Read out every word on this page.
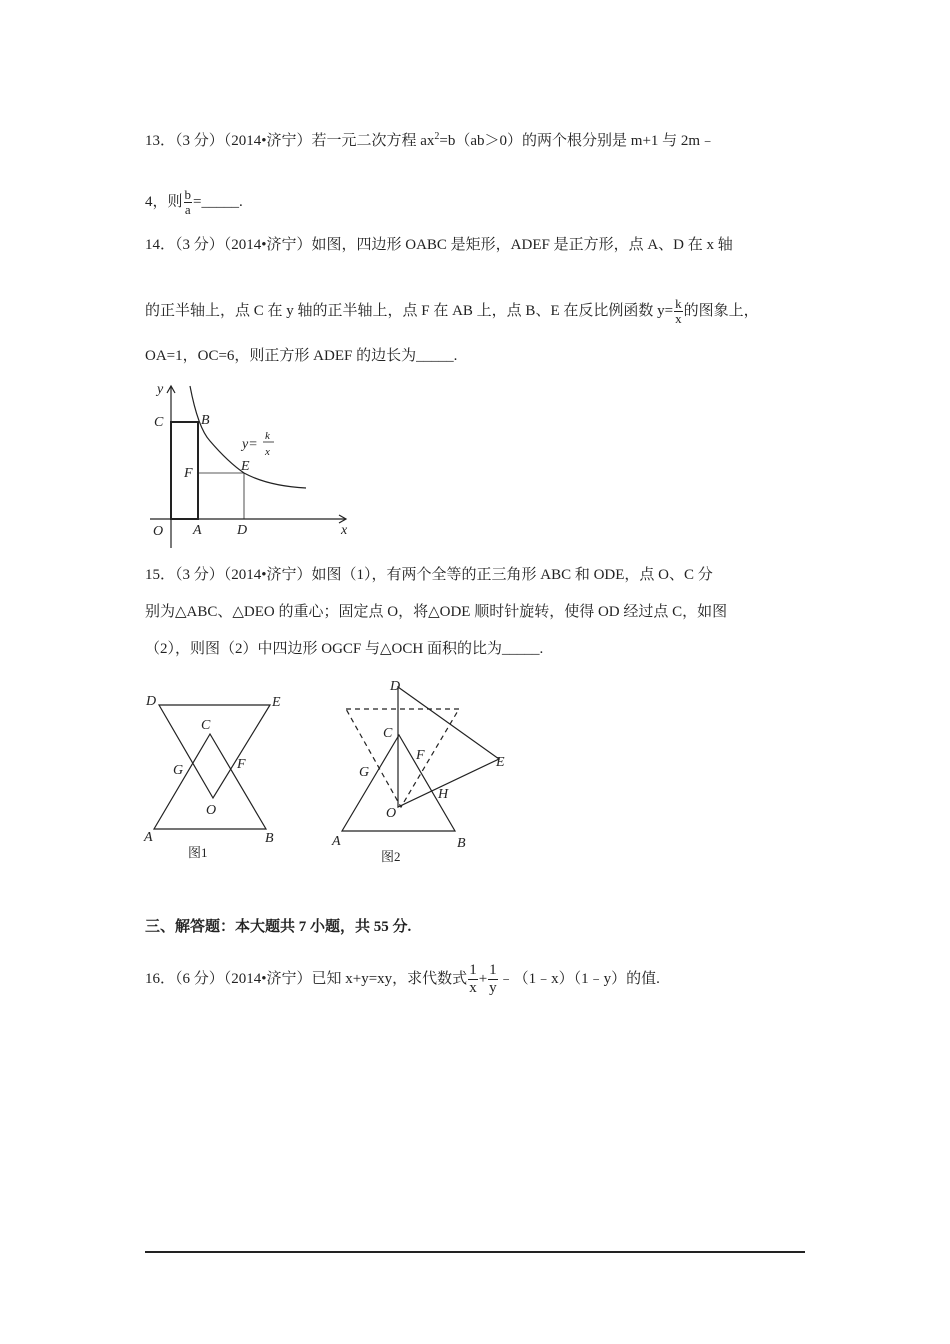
13．（3 分）（2014•济宁）若一元二次方程 $ax^2=b(ab>0)$的两个根分别是 m+1 与 2m﹣
4，则 $\frac{b}{a}$ =_____.
14．（3 分）（2014•济宁）如图，四边形 OABC 是矩形，ADEF 是正方形，点 A、D 在 x 轴
的正半轴上，点 C 在 y 轴的正半轴上，点 F 在 AB 上，点 B、E 在反比例函数 $y= \frac{k}{x}$ 的图象上，
OA=1，OC=6，则正方形 ADEF 的边长为_____.
y
C	B
F	E
y=
k
x
O A	D	x
15．（3 分）（2014•济宁）如图（1），有两个全等的正三角形 ABC 和 ODE，点 O、C 分
别为△ABC、△DEO 的重心；固定点 O，将△ODE 顺时针旋转，使得 OD 经过点 C，如图
（2），则图（2）中四边形 OGCF 与△OCH 面积的比为_____.
D	E
C
G	F
O
A	B
图1
D
C
F	E
G
H
O
A	B
图2
三、解答题：本大题共 7 小题，共 55 分.
16．（6 分）（2014•济宁）已知 x+y=xy，求代数式 $\frac{1}{x} + \frac{1}{y}$ ﹣（1﹣x）（1﹣y）的值.
